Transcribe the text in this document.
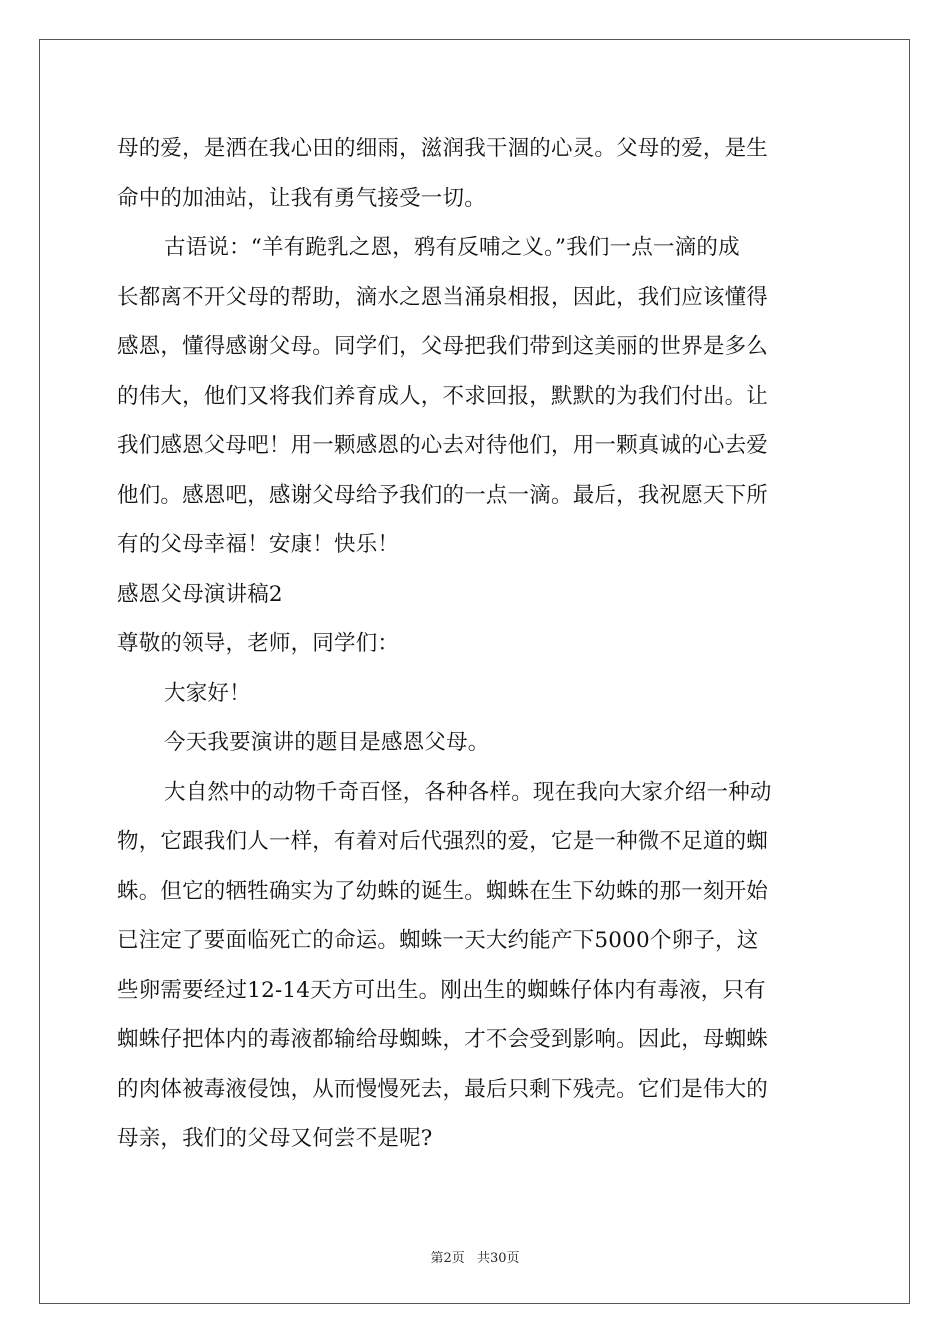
母的爱，是洒在我心田的细雨，滋润我干涸的心灵。父母的爱，是生
命中的加油站，让我有勇气接受一切。
古语说：“羊有跪乳之恩，鸦有反哺之义。”我们一点一滴的成
长都离不开父母的帮助，滴水之恩当涌泉相报，因此，我们应该懂得
感恩，懂得感谢父母。同学们，父母把我们带到这美丽的世界是多么
的伟大，他们又将我们养育成人，不求回报，默默的为我们付出。让
我们感恩父母吧！用一颗感恩的心去对待他们，用一颗真诚的心去爱
他们。感恩吧，感谢父母给予我们的一点一滴。最后，我祝愿天下所
有的父母幸福！安康！快乐！
感恩父母演讲稿2
尊敬的领导，老师，同学们：
大家好！
今天我要演讲的题目是感恩父母。
大自然中的动物千奇百怪，各种各样。现在我向大家介绍一种动
物，它跟我们人一样，有着对后代强烈的爱，它是一种微不足道的蜘
蛛。但它的牺牲确实为了幼蛛的诞生。蜘蛛在生下幼蛛的那一刻开始
已注定了要面临死亡的命运。蜘蛛一天大约能产下5000个卵子，这
些卵需要经过12-14天方可出生。刚出生的蜘蛛仔体内有毒液，只有
蜘蛛仔把体内的毒液都输给母蜘蛛，才不会受到影响。因此，母蜘蛛
的肉体被毒液侵蚀，从而慢慢死去，最后只剩下残壳。它们是伟大的
母亲，我们的父母又何尝不是呢?
第2页 共30页
